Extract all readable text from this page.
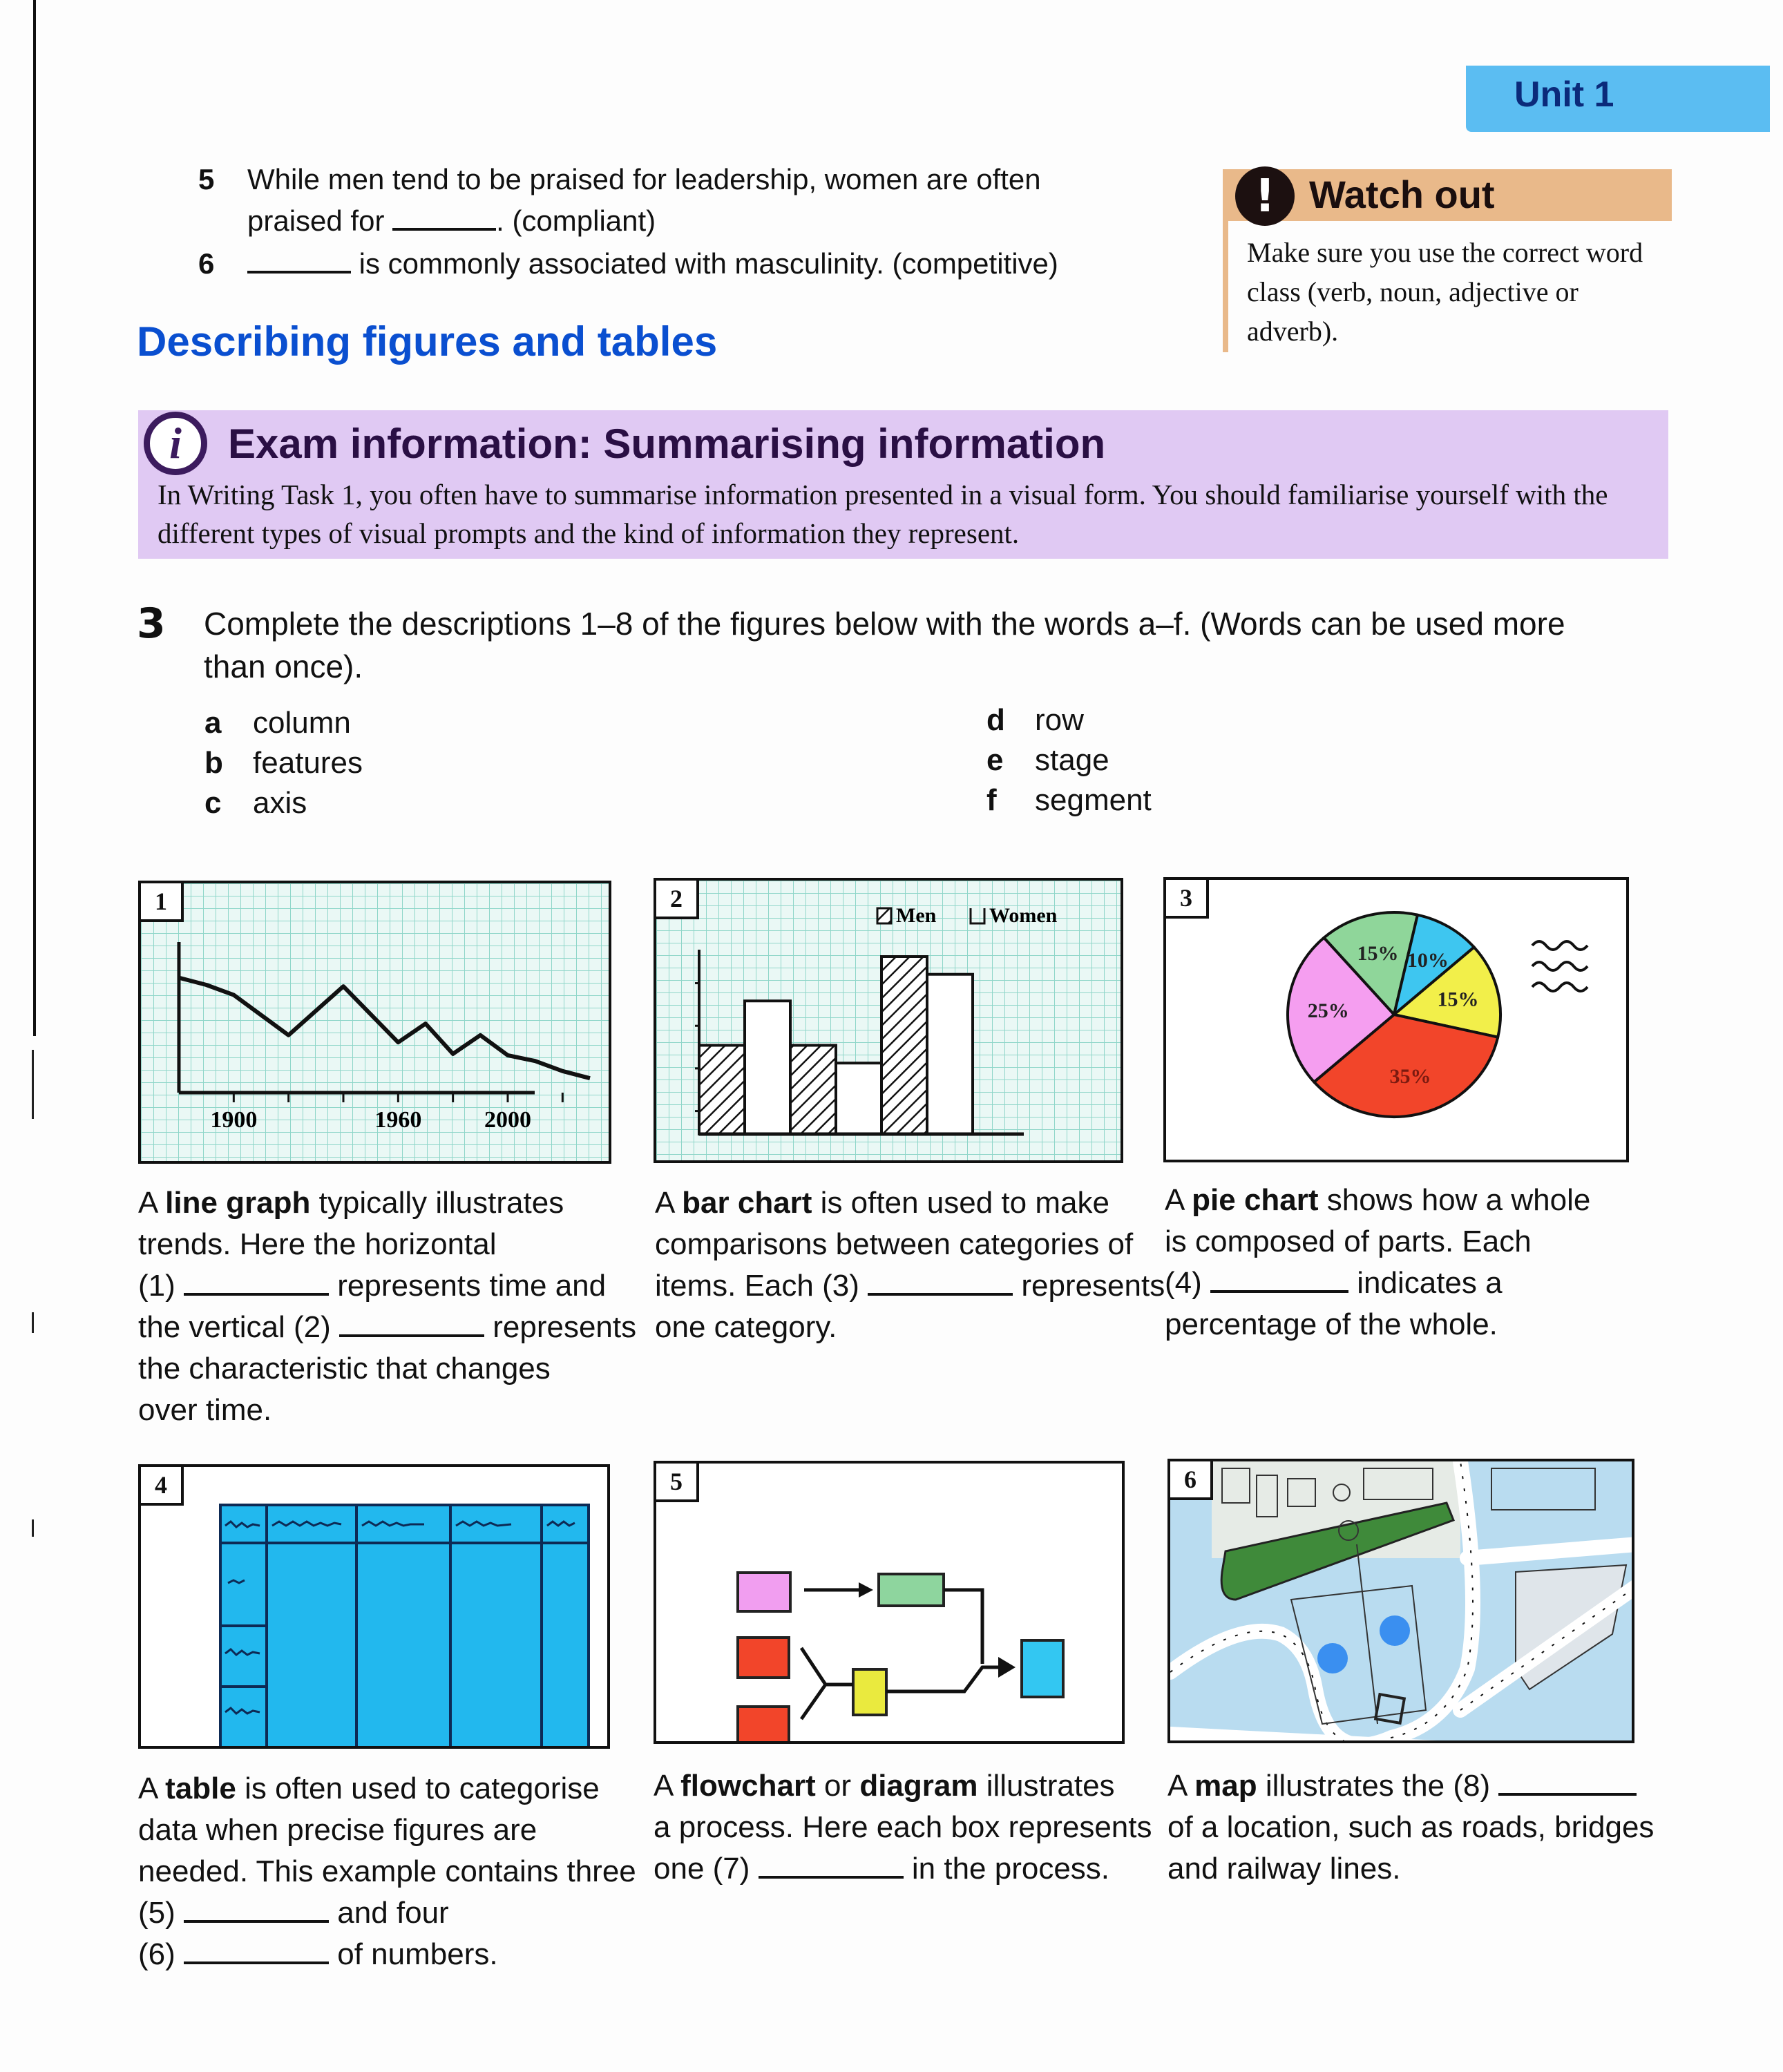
Unit 1
5 While men tend to be praised for leadership, women are often
praised for	. (compliant)
6	is commonly associated with masculinity. (competitive)
! Watch out
Make sure you use the correct word class (verb, noun, adjective or adverb).
Describing figures and tables
i	Exam information: Summarising information
In Writing Task 1, you often have to summarise information presented in a visual form. You should familiarise yourself with the different types of visual prompts and the kind of information they represent.
3 Complete the descriptions 1–8 of the figures below with the words a–f. (Words can be used more than once).
a column
b features
c axis
d row
e stage
f segment
1
1900	1960	2000
2
Men	Women
3
15% 10%
15%
35%
25%
A line graph typically illustrates trends. Here the horizontal
(1)	represents time and
the vertical (2)	represents
the characteristic that changes
over time.
A bar chart is often used to make
comparisons between categories of
items. Each (3)	represents
one category.
A pie chart shows how a whole
is composed of parts. Each
(4)	indicates a
percentage of the whole.
4	5	6
A table is often used to categorise
data when precise figures are
needed. This example contains three
(5)	and four
(6)	of numbers.
A flowchart or diagram illustrates
a process. Here each box represents
one (7)	in the process.
A map illustrates the (8)
of a location, such as roads, bridges
and railway lines.
